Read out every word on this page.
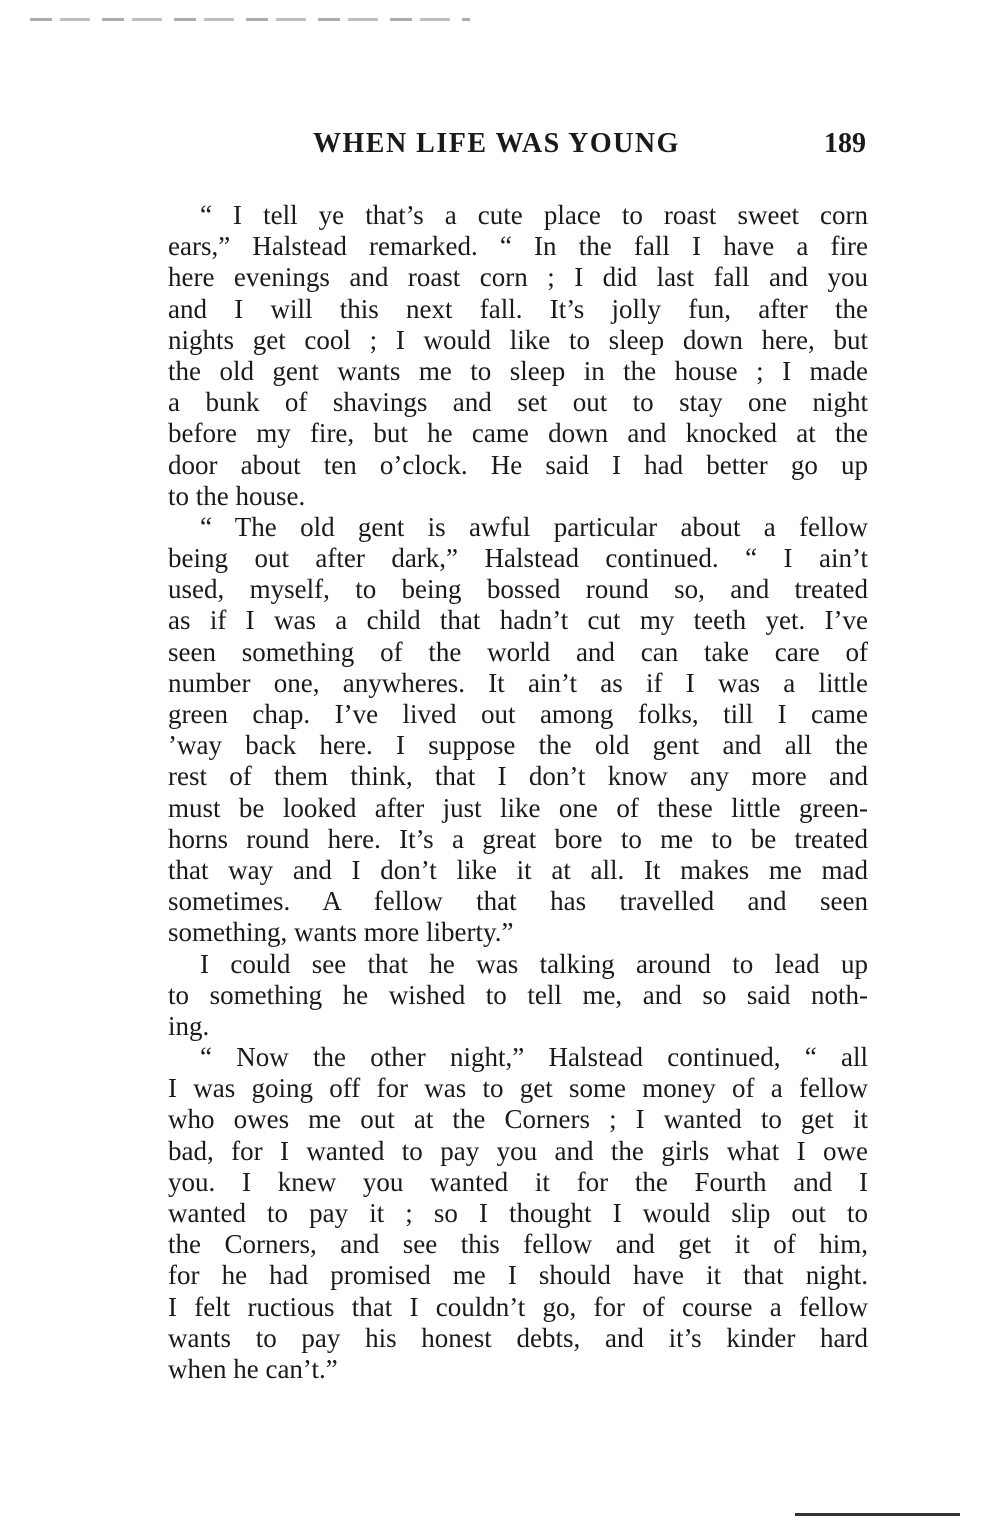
WHEN LIFE WAS YOUNG	189
“ I tell ye that’s a cute place to roast sweet corn
ears,” Halstead remarked. “ In the fall I have a fire
here evenings and roast corn ; I did last fall and you
and I will this next fall. It’s jolly fun, after the
nights get cool ; I would like to sleep down here, but
the old gent wants me to sleep in the house ; I made
a bunk of shavings and set out to stay one night
before my fire, but he came down and knocked at the
door about ten o’clock. He said I had better go up
to the house.
“ The old gent is awful particular about a fellow
being out after dark,” Halstead continued. “ I ain’t
used, myself, to being bossed round so, and treated
as if I was a child that hadn’t cut my teeth yet. I’ve
seen something of the world and can take care of
number one, anywheres. It ain’t as if I was a little
green chap. I’ve lived out among folks, till I came
’way back here. I suppose the old gent and all the
rest of them think, that I don’t know any more and
must be looked after just like one of these little green-
horns round here. It’s a great bore to me to be treated
that way and I don’t like it at all. It makes me mad
sometimes. A fellow that has travelled and seen
something, wants more liberty.”
I could see that he was talking around to lead up
to something he wished to tell me, and so said noth-
ing.
“ Now the other night,” Halstead continued, “ all
I was going off for was to get some money of a fellow
who owes me out at the Corners ; I wanted to get it
bad, for I wanted to pay you and the girls what I owe
you. I knew you wanted it for the Fourth and I
wanted to pay it ; so I thought I would slip out to
the Corners, and see this fellow and get it of him,
for he had promised me I should have it that night.
I felt ructious that I couldn’t go, for of course a fellow
wants to pay his honest debts, and it’s kinder hard
when he can’t.”
